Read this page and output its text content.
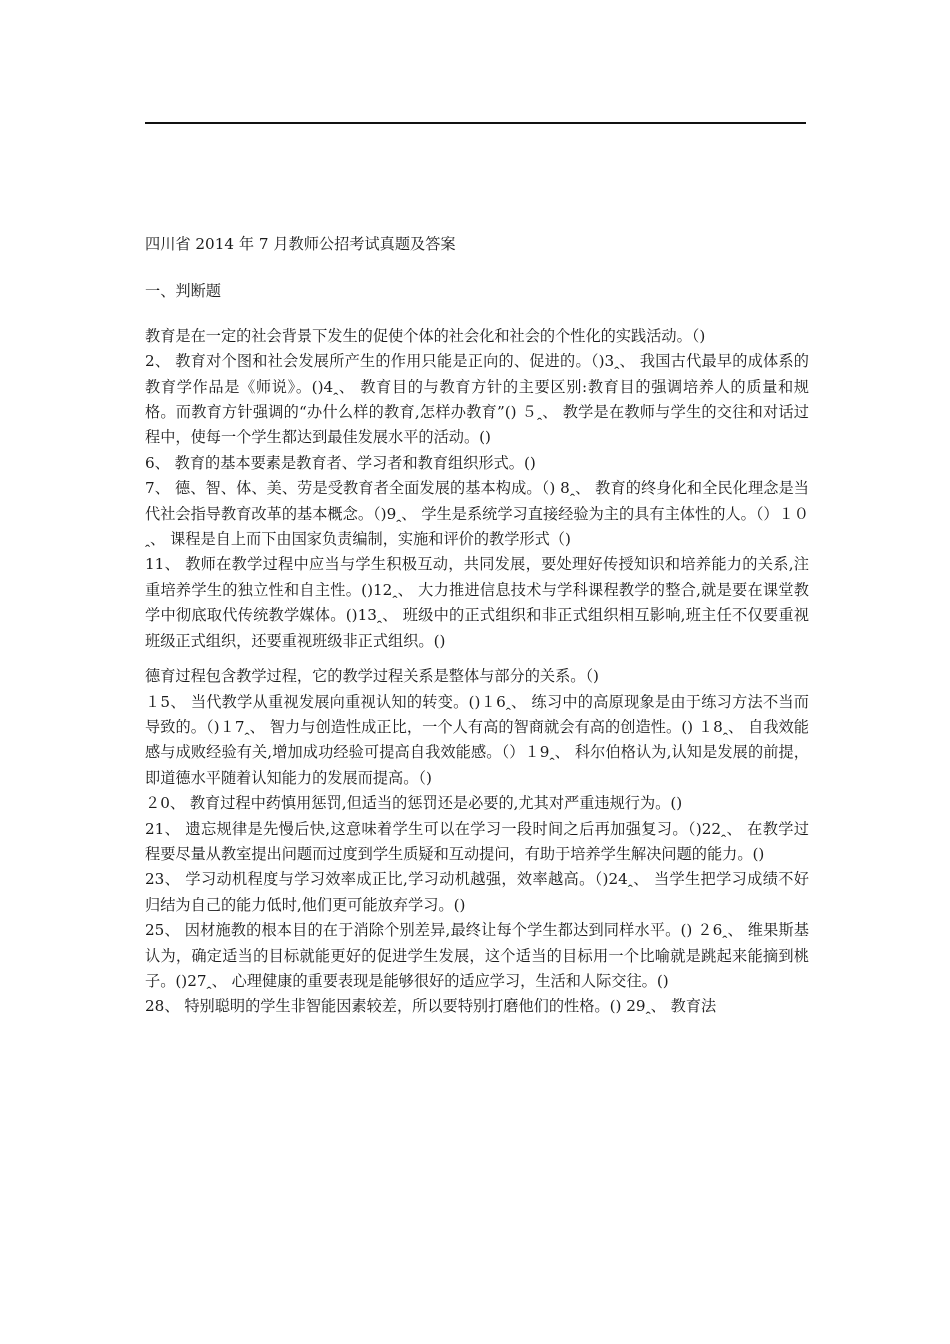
四川省 2014 年 7 月教师公招考试真题及答案

一、判断题

教育是在一定的社会背景下发生的促使个体的社会化和社会的个性化的实践活动。（)

2、 教育对个图和社会发展所产生的作用只能是正向的、促进的。（)3ꞈ、 我国古代最早的成体系的教育学作品是《师说》。()4ꞈ、 教育目的与教育方针的主要区别:教育目的强调培养人的质量和规格。而教育方针强调的“办什么样的教育,怎样办教育”() ５ꞈ、 教学是在教师与学生的交往和对话过程中，使每一个学生都达到最佳发展水平的活动。()

6、 教育的基本要素是教育者、学习者和教育组织形式。()

7、 德、智、体、美、劳是受教育者全面发展的基本构成。（) 8ꞈ、 教育的终身化和全民化理念是当代社会指导教育改革的基本概念。（)9ꞈ、 学生是系统学习直接经验为主的具有主体性的人。（）１０ꞈ、 课程是自上而下由国家负责编制，实施和评价的教学形式（)

11、 教师在教学过程中应当与学生积极互动，共同发展，要处理好传授知识和培养能力的关系,注重培养学生的独立性和自主性。()12ꞈ、 大力推进信息技术与学科课程教学的整合,就是要在课堂教学中彻底取代传统教学媒体。()13ꞈ、 班级中的正式组织和非正式组织相互影响,班主任不仅要重视班级正式组织，还要重视班级非正式组织。()

德育过程包含教学过程，它的教学过程关系是整体与部分的关系。（)

１5、 当代教学从重视发展向重视认知的转变。()１6ꞈ、 练习中的高原现象是由于练习方法不当而导致的。（)１7ꞈ、 智力与创造性成正比，一个人有高的智商就会有高的创造性。() １8ꞈ、 自我效能感与成败经验有关,增加成功经验可提高自我效能感。（）１9ꞈ、 科尔伯格认为,认知是发展的前提，即道德水平随着认知能力的发展而提高。（)

２0、 教育过程中药慎用惩罚,但适当的惩罚还是必要的,尤其对严重违规行为。()

21、 遗忘规律是先慢后快,这意味着学生可以在学习一段时间之后再加强复习。（)22ꞈ、 在教学过程要尽量从教室提出问题而过度到学生质疑和互动提问，有助于培养学生解决问题的能力。()

23、 学习动机程度与学习效率成正比,学习动机越强，效率越高。（)24ꞈ、 当学生把学习成绩不好归结为自己的能力低时,他们更可能放弃学习。()

25、 因材施教的根本目的在于消除个别差异,最终让每个学生都达到同样水平。() ２6ꞈ、 维果斯基认为，确定适当的目标就能更好的促进学生发展，这个适当的目标用一个比喻就是跳起来能摘到桃子。()27ꞈ、 心理健康的重要表现是能够很好的适应学习，生活和人际交往。()

28、 特别聪明的学生非智能因素较差，所以要特别打磨他们的性格。() 29ꞈ、 教育法
